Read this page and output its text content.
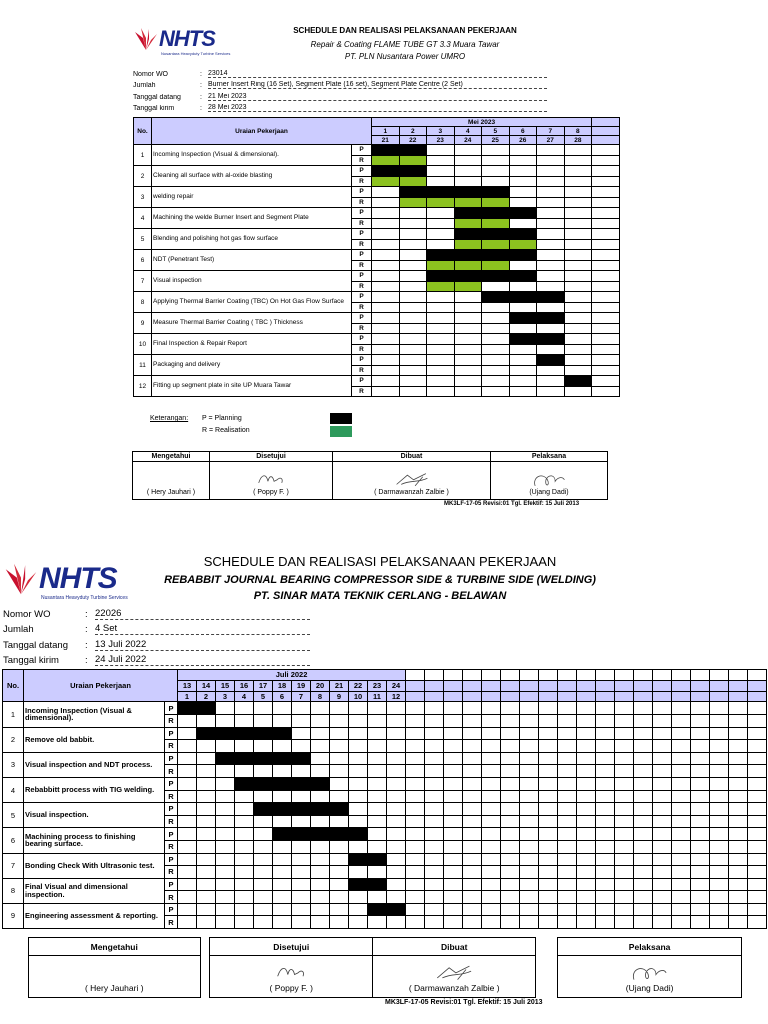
NHTS
Nusantara Heavyduty Turbine Services
SCHEDULE DAN REALISASI PELAKSANAAN PEKERJAAN
Repair & Coating FLAME TUBE GT 3.3 Muara Tawar
PT. PLN Nusantara Power UMRO
Nomor WO	: 23014
Jumlah	: Burner Insert Ring (16 Set), Segment Plate (16 set), Segment Plate Centre (2 Set)
Tanggal datang	: 21 Mei 2023
Tanggal kirim	: 28 Mei 2023
No.	Uraian Pekerjaan		Mei 2023								
			1	2	3	4	5	6	7	8	
			21	22	23	24	25	26	27	28	
1	Incoming Inspection (Visual & dimensional).	P									
		R									
2	Cleaning all surface with al-oxide blasting	P									
		R									
3	welding repair	P									
		R									
4	Machining the welde Burner Insert and Segment Plate	P									
		R									
5	Blending and polishing hot gas flow surface	P									
		R									
6	NDT (Penetrant Test)	P									
		R									
7	Visual inspection	P									
		R									
8	Applying Thermal Barrier Coating (TBC) On Hot Gas Flow Surface	P									
		R									
9	Measure Thermal Barrier Coating ( TBC ) Thickness	P									
		R									
10	Final Inspection & Repair Report	P									
		R									
11	Packaging and delivery	P									
		R									
12	Fitting up segment plate in site UP Muara Tawar	P									
		R									
Keterangan: P = Planning
R = Realisation
Mengetahui	Disetujui	Dibuat	Pelaksana

( Hery Jauhari )	( Poppy F. )	( Darmawanzah Zalbie )	(Ujang Dadi)
MK3LF-17-05 Revisi:01 Tgl. Efektif: 15 Juli 2013
NHTS
Nusantara Heavyduty Turbine Services
SCHEDULE DAN REALISASI PELAKSANAAN PEKERJAAN
REBABBIT JOURNAL BEARING COMPRESSOR SIDE & TURBINE SIDE (WELDING)
PT. SINAR MATA TEKNIK CERLANG - BELAWAN
Nomor WO	: 22026
Jumlah	: 4 Set
Tanggal datang	: 13 Juli 2022
Tanggal kirim	: 24 Juli 2022
No.	Uraian Pekerjaan		Juli 2022																														
			13	14	15	16	17	18	19	20	21	22	23	24																			
			1	2	3	4	5	6	7	8	9	10	11	12																			
1	Incoming Inspection (Visual & dimensional).	P																															
		R																															
2	Remove old babbit.	P																															
		R																															
3	Visual inspection and NDT process.	P																															
		R																															
4	Rebabbitt process with TIG welding.	P																															
		R																															
5	Visual inspection.	P																															
		R																															
6	Machining process to finishing bearing surface.	P																															
		R																															
7	Bonding Check With Ultrasonic test.	P																															
		R																															
8	Final Visual and dimensional inspection.	P																															
		R																															
9	Engineering assessment & reporting.	P																															
		R																															
Mengetahui		Disetujui		Dibuat		Pelaksana

( Hery Jauhari )		( Poppy F. )		( Darmawanzah Zalbie )		(Ujang Dadi)
MK3LF-17-05 Revisi:01 Tgl. Efektif: 15 Juli 2013
